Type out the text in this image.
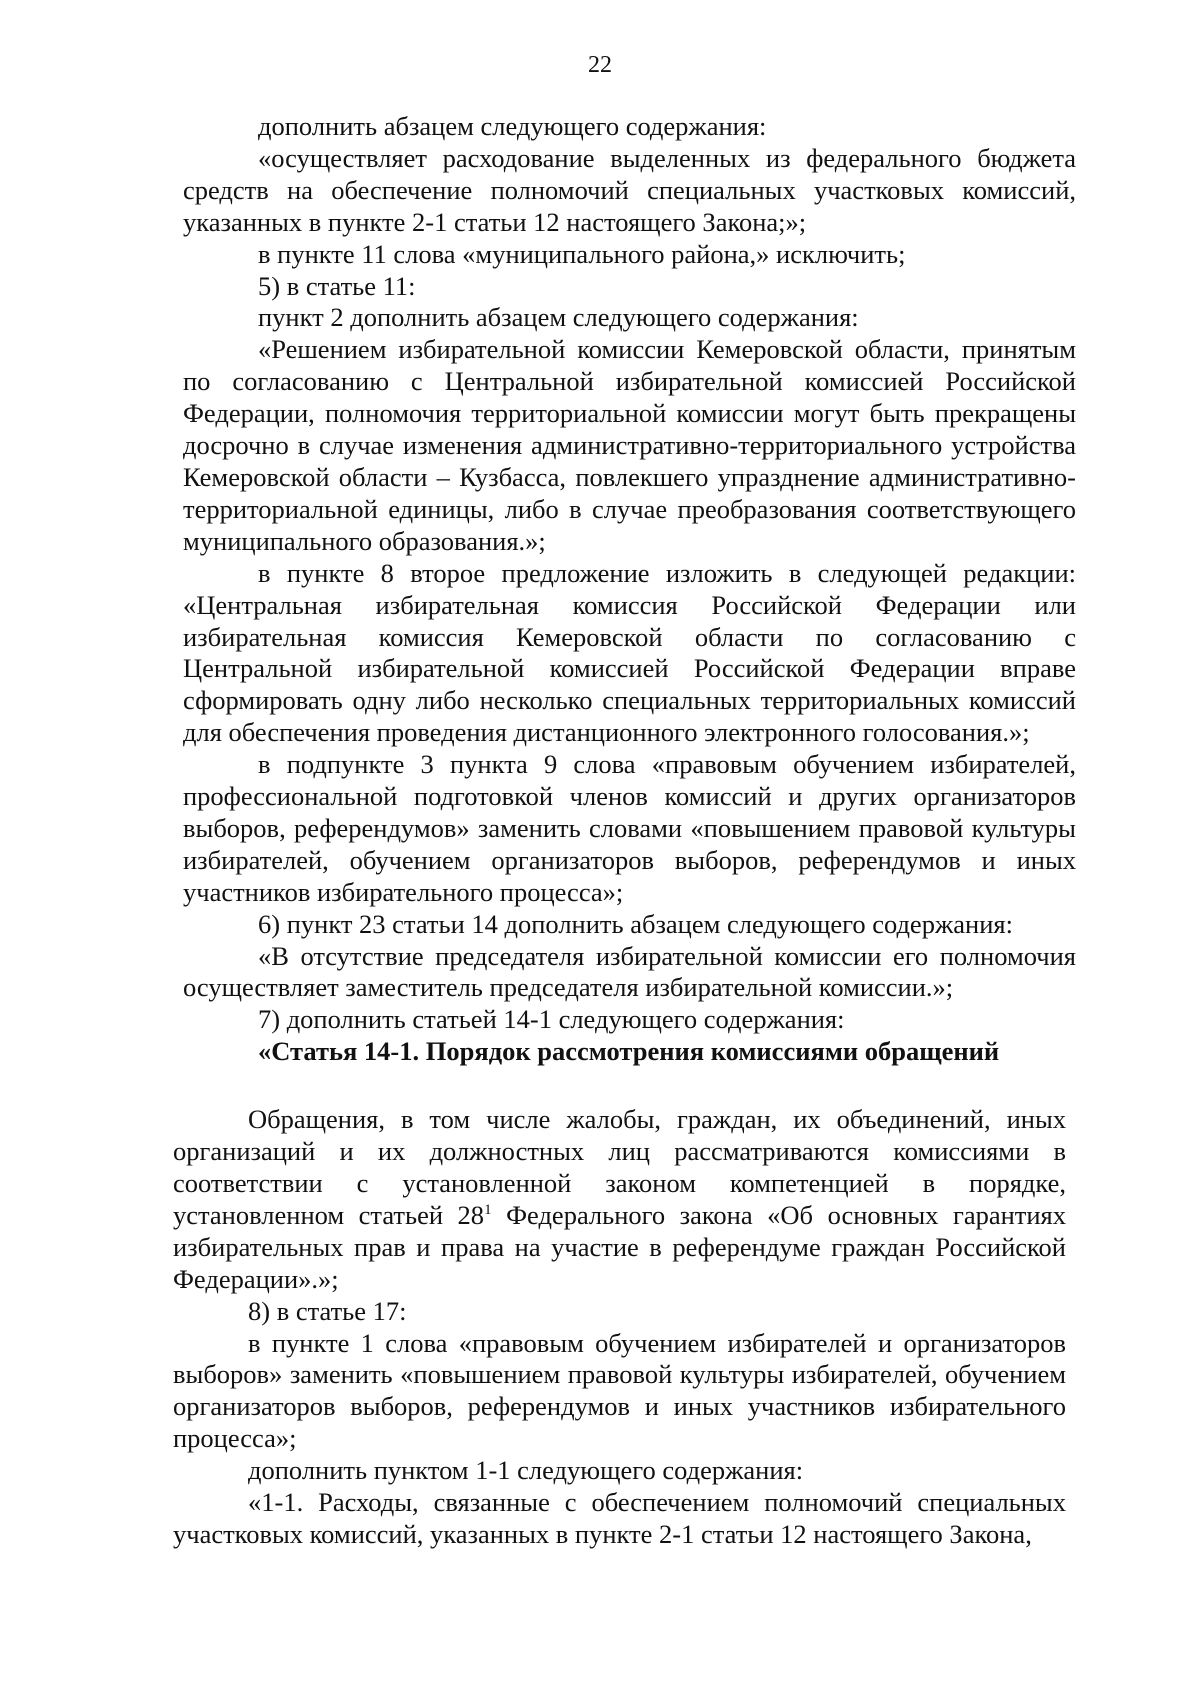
22
дополнить абзацем следующего содержания:
«осуществляет расходование выделенных из федерального бюджета средств на обеспечение полномочий специальных участковых комиссий, указанных в пункте 2-1 статьи 12 настоящего Закона;»;
в пункте 11 слова «муниципального района,» исключить;
5) в статье 11:
пункт 2 дополнить абзацем следующего содержания:
«Решением избирательной комиссии Кемеровской области, принятым по согласованию с Центральной избирательной комиссией Российской Федерации, полномочия территориальной комиссии могут быть прекращены досрочно в случае изменения административно-территориального устройства Кемеровской области – Кузбасса, повлекшего упразднение административно-территориальной единицы, либо в случае преобразования соответствующего муниципального образования.»;
в пункте 8 второе предложение изложить в следующей редакции: «Центральная избирательная комиссия Российской Федерации или избирательная комиссия Кемеровской области по согласованию с Центральной избирательной комиссией Российской Федерации вправе сформировать одну либо несколько специальных территориальных комиссий для обеспечения проведения дистанционного электронного голосования.»;
в подпункте 3 пункта 9 слова «правовым обучением избирателей, профессиональной подготовкой членов комиссий и других организаторов выборов, референдумов» заменить словами «повышением правовой культуры избирателей, обучением организаторов выборов, референдумов и иных участников избирательного процесса»;
6) пункт 23 статьи 14 дополнить абзацем следующего содержания:
«В отсутствие председателя избирательной комиссии его полномочия осуществляет заместитель председателя избирательной комиссии.»;
7) дополнить статьей 14-1 следующего содержания:
«Статья 14-1. Порядок рассмотрения комиссиями обращений
Обращения, в том числе жалобы, граждан, их объединений, иных организаций и их должностных лиц рассматриваются комиссиями в соответствии с установленной законом компетенцией в порядке, установленном статьей $28^1$ Федерального закона «Об основных гарантиях избирательных прав и права на участие в референдуме граждан Российской Федерации».»;
8) в статье 17:
в пункте 1 слова «правовым обучением избирателей и организаторов выборов» заменить «повышением правовой культуры избирателей, обучением организаторов выборов, референдумов и иных участников избирательного процесса»;
дополнить пунктом 1-1 следующего содержания:
«1-1. Расходы, связанные с обеспечением полномочий специальных участковых комиссий, указанных в пункте 2-1 статьи 12 настоящего Закона,
